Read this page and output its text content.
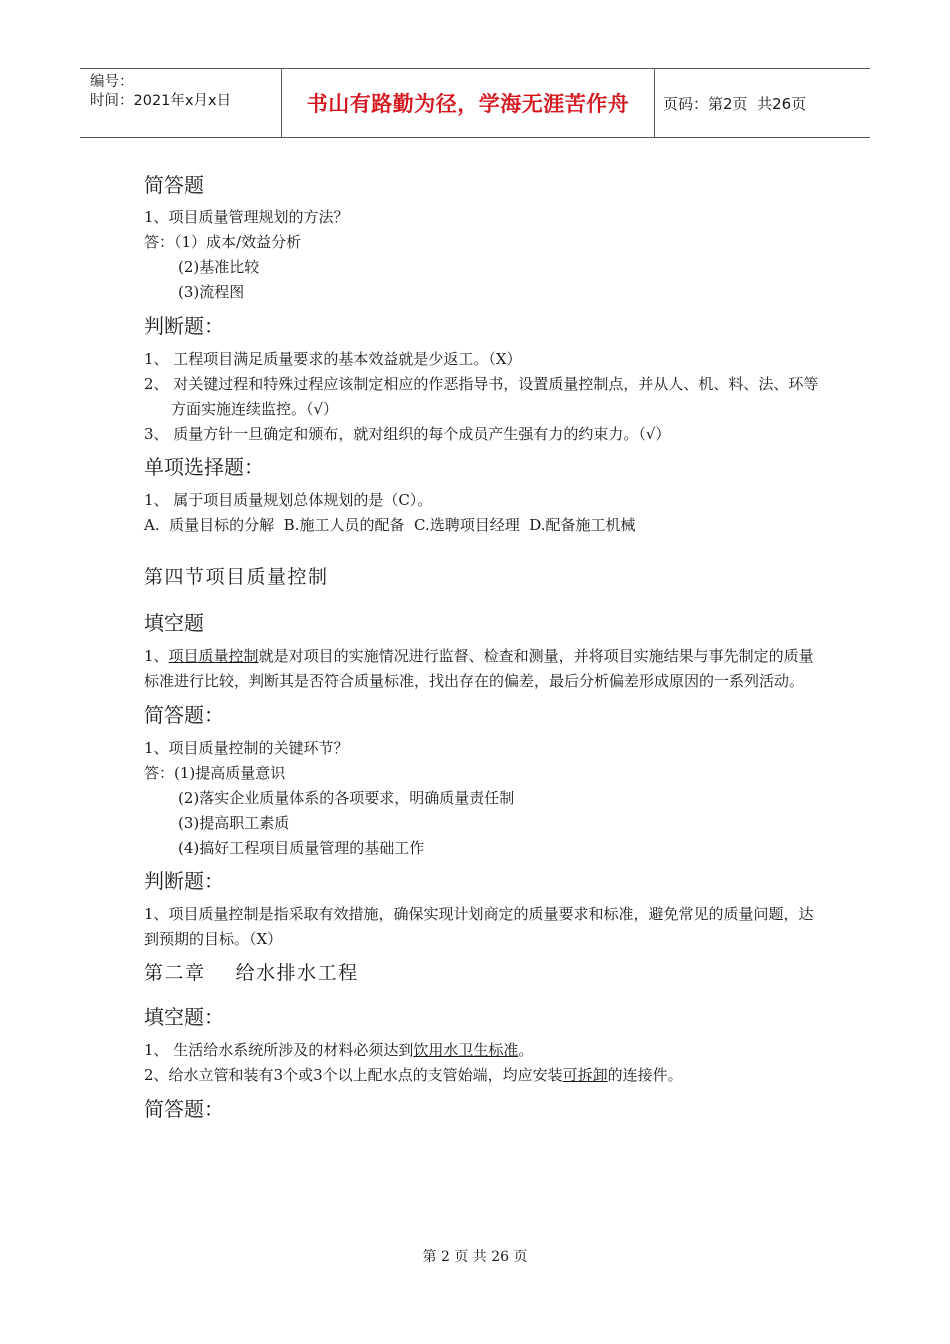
编号：
时间：2021年x月x日	书山有路勤为径，学海无涯苦作舟	页码：第2页  共26页
简答题

1、项目质量管理规划的方法？

答：（1）成本/效益分析

(2)基准比较

(3)流程图

判断题：

1、 工程项目满足质量要求的基本效益就是少返工。（X）

2、 对关键过程和特殊过程应该制定相应的作恶指导书，设置质量控制点，并从人、机、料、法、环等方面实施连续监控。（√）

3、 质量方针一旦确定和颁布，就对组织的每个成员产生强有力的约束力。（√）

单项选择题：

1、 属于项目质量规划总体规划的是（C）。

A.  质量目标的分解  B.施工人员的配备  C.选聘项目经理  D.配备施工机械

第四节项目质量控制
填空题

1、项目质量控制就是对项目的实施情况进行监督、检查和测量，并将项目实施结果与事先制定的质量标准进行比较，判断其是否符合质量标准，找出存在的偏差，最后分析偏差形成原因的一系列活动。

简答题：

1、项目质量控制的关键环节？

答：(1)提高质量意识

(2)落实企业质量体系的各项要求，明确质量责任制

(3)提高职工素质

(4)搞好工程项目质量管理的基础工作

判断题：

1、项目质量控制是指采取有效措施，确保实现计划商定的质量要求和标准，避免常见的质量问题，达到预期的目标。（X）

第二章    给水排水工程
填空题：

1、 生活给水系统所涉及的材料必须达到饮用水卫生标准。

2、给水立管和装有3个或3个以上配水点的支管始端，均应安装可拆卸的连接件。

简答题：
第 2 页 共 26 页
